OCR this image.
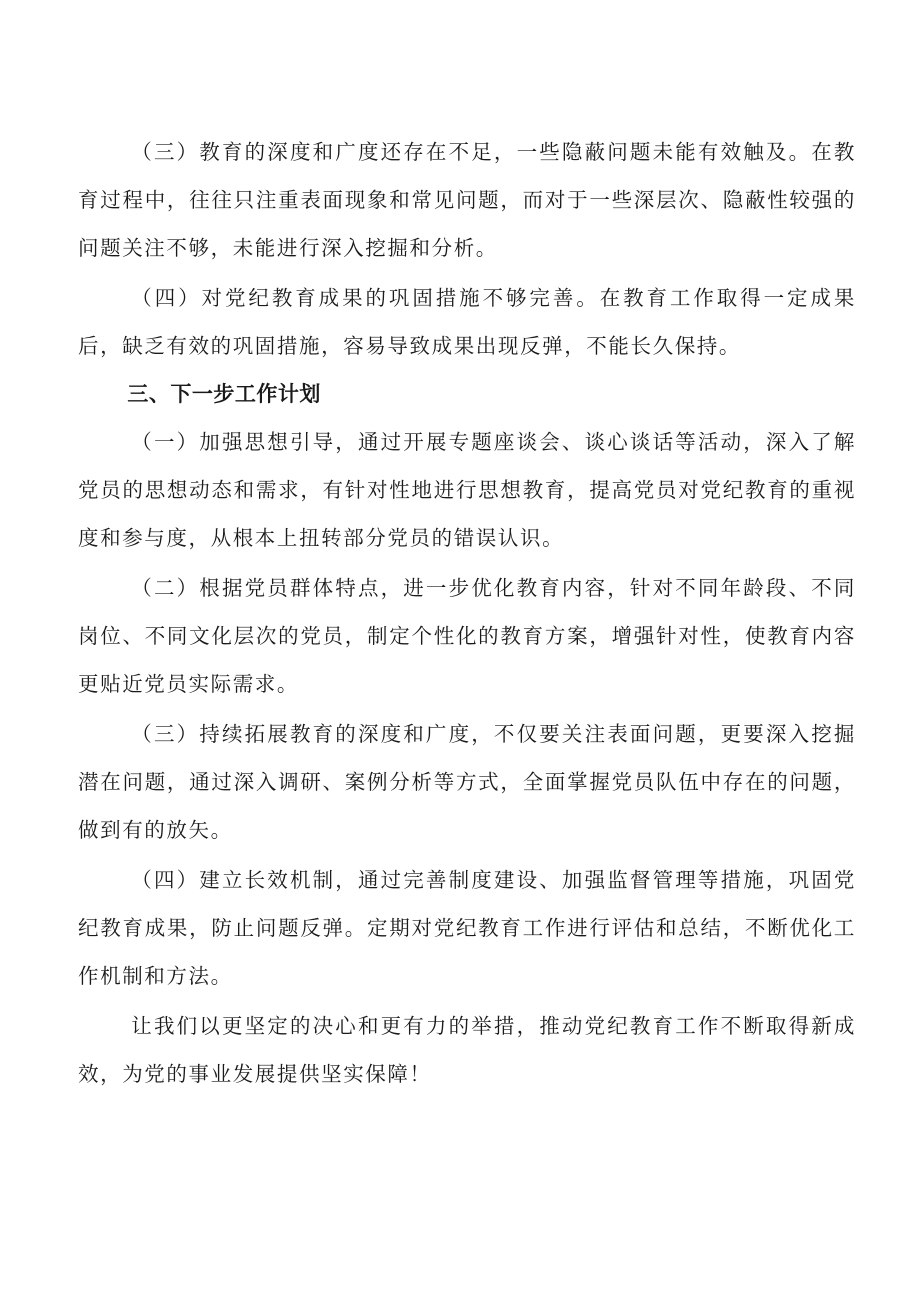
（三）教育的深度和广度还存在不足，一些隐蔽问题未能有效触及。在教育过程中，往往只注重表面现象和常见问题，而对于一些深层次、隐蔽性较强的问题关注不够，未能进行深入挖掘和分析。

（四）对党纪教育成果的巩固措施不够完善。在教育工作取得一定成果后，缺乏有效的巩固措施，容易导致成果出现反弹，不能长久保持。

三、下一步工作计划

（一）加强思想引导，通过开展专题座谈会、谈心谈话等活动，深入了解党员的思想动态和需求，有针对性地进行思想教育，提高党员对党纪教育的重视度和参与度，从根本上扭转部分党员的错误认识。

（二）根据党员群体特点，进一步优化教育内容，针对不同年龄段、不同岗位、不同文化层次的党员，制定个性化的教育方案，增强针对性，使教育内容更贴近党员实际需求。

（三）持续拓展教育的深度和广度，不仅要关注表面问题，更要深入挖掘潜在问题，通过深入调研、案例分析等方式，全面掌握党员队伍中存在的问题，做到有的放矢。

（四）建立长效机制，通过完善制度建设、加强监督管理等措施，巩固党纪教育成果，防止问题反弹。定期对党纪教育工作进行评估和总结，不断优化工作机制和方法。

让我们以更坚定的决心和更有力的举措，推动党纪教育工作不断取得新成效，为党的事业发展提供坚实保障！
